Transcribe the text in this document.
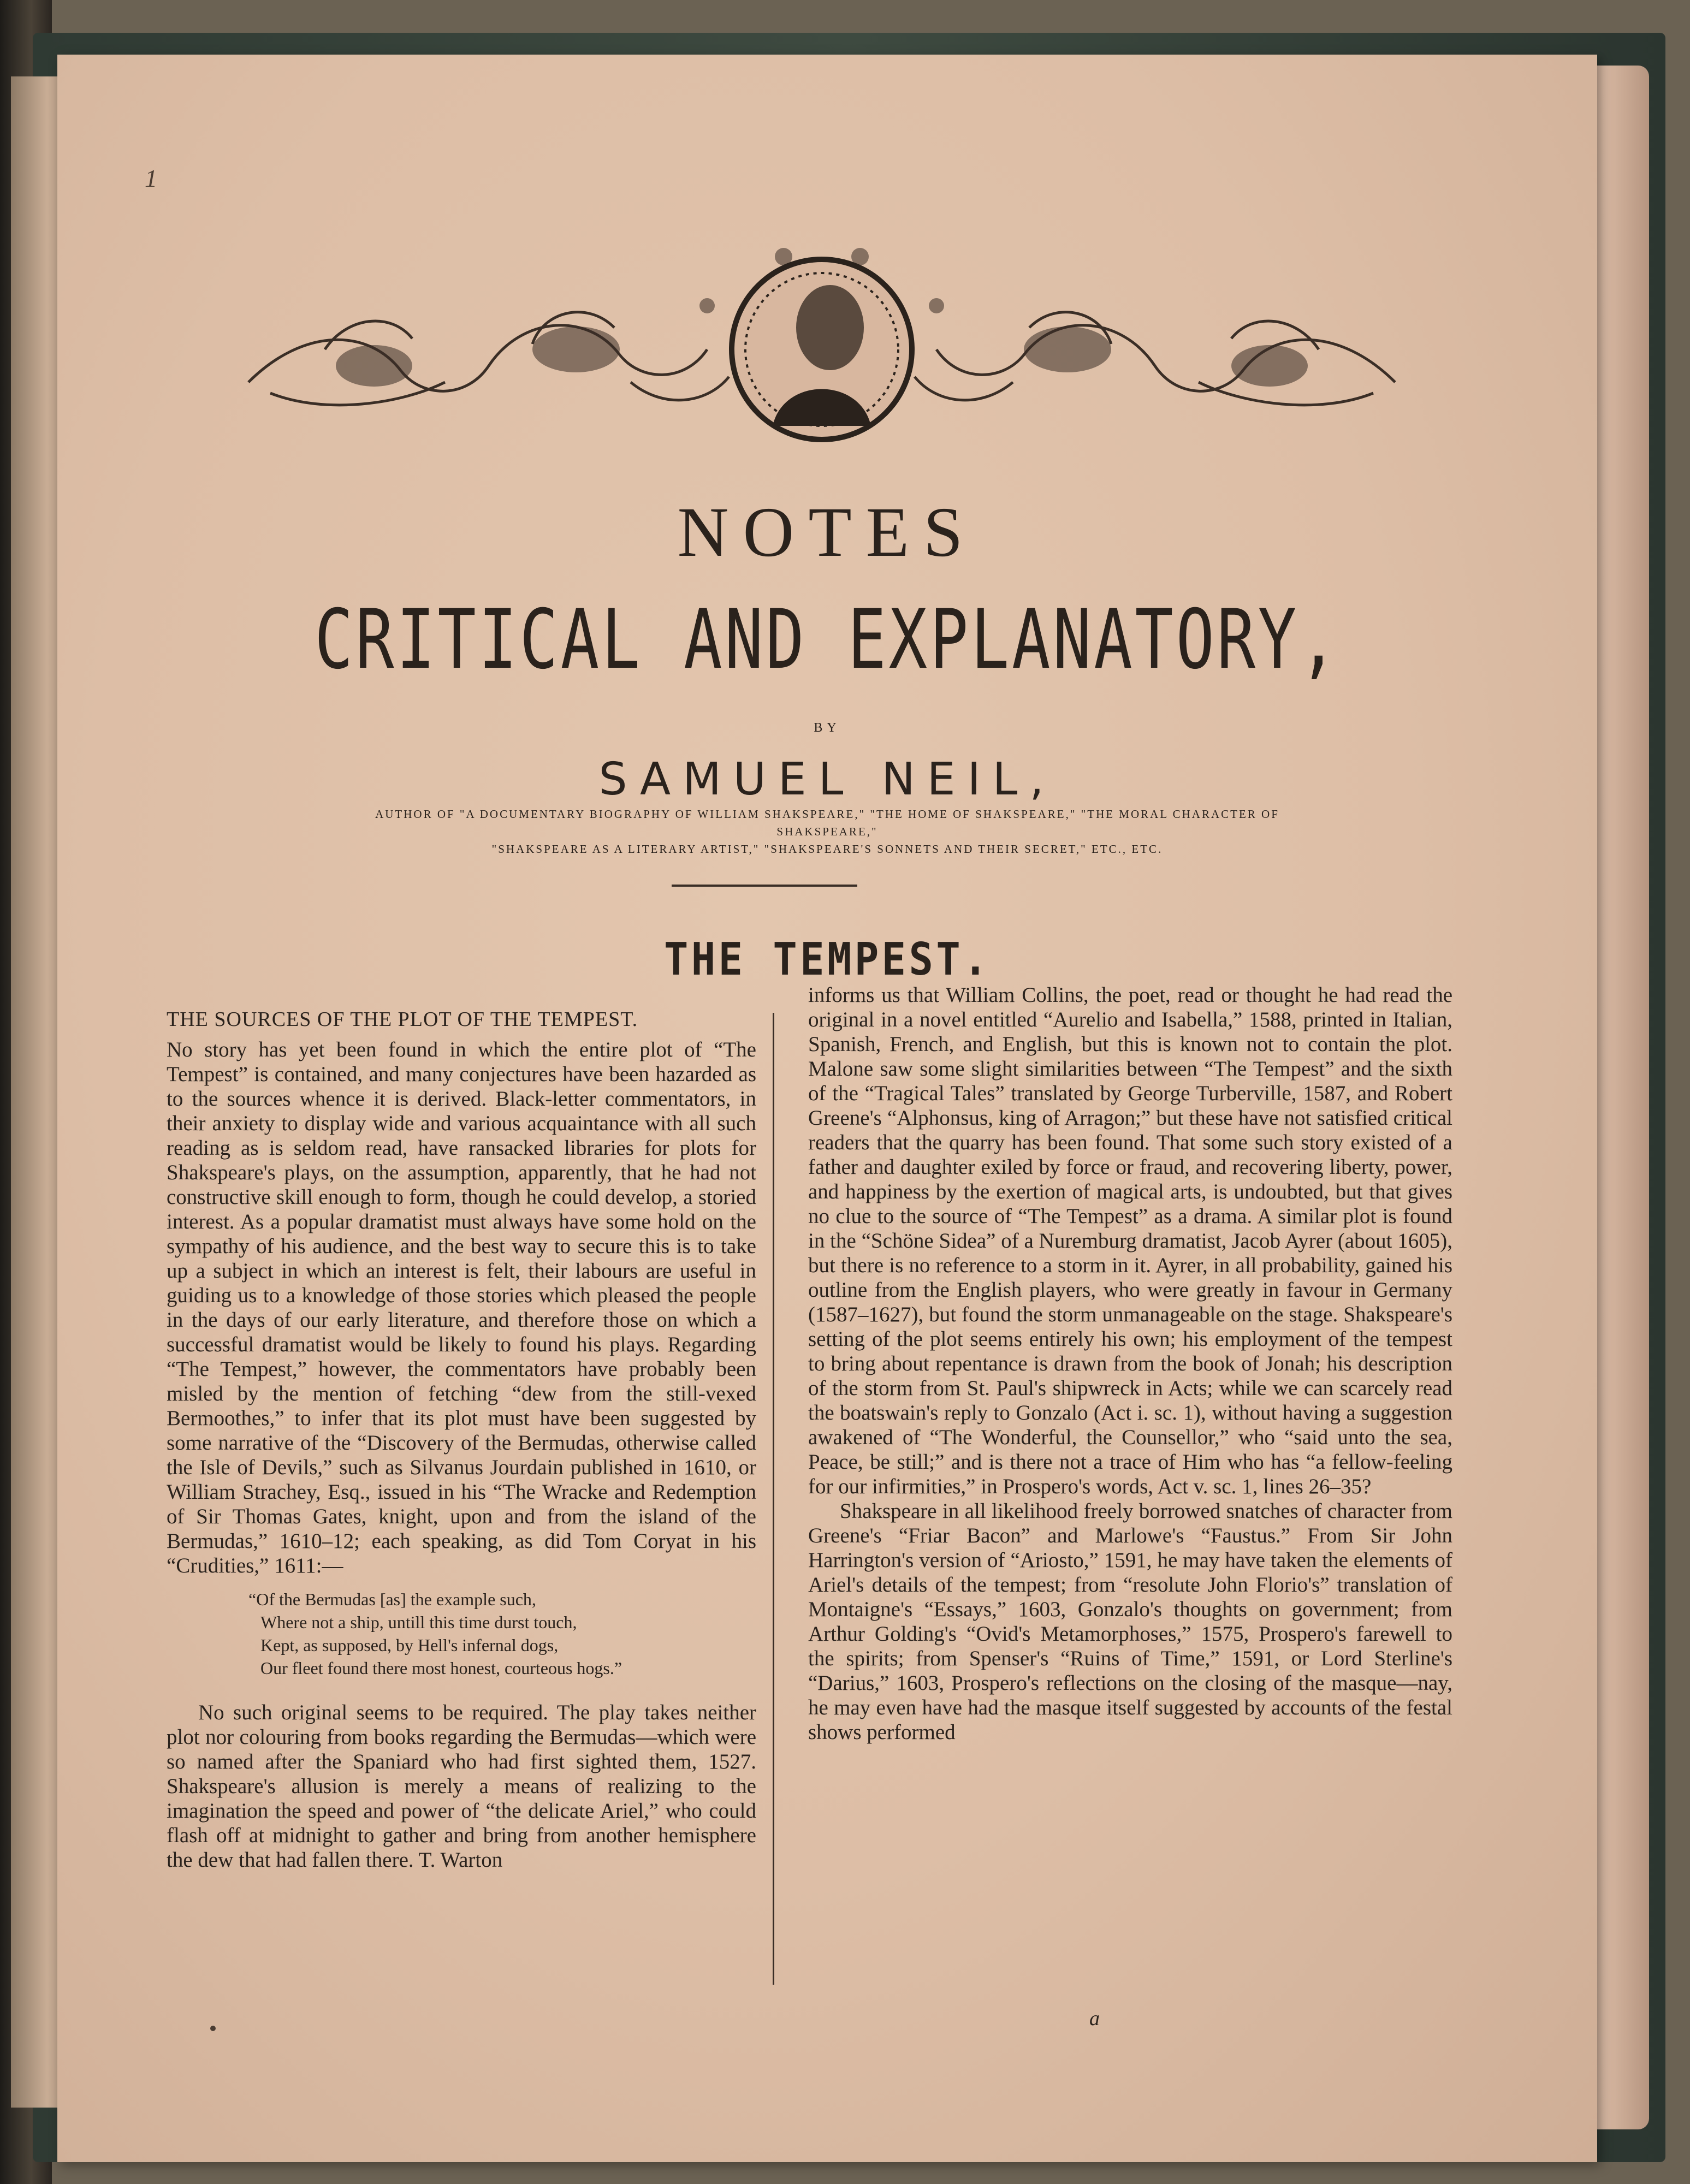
1
NOTES
CRITICAL AND EXPLANATORY,
BY
SAMUEL NEIL,
AUTHOR OF "A DOCUMENTARY BIOGRAPHY OF WILLIAM SHAKSPEARE," "THE HOME OF SHAKSPEARE," "THE MORAL CHARACTER OF SHAKSPEARE,"
"SHAKSPEARE AS A LITERARY ARTIST," "SHAKSPEARE'S SONNETS AND THEIR SECRET," ETC., ETC.
THE TEMPEST.
THE SOURCES OF THE PLOT OF THE TEMPEST.

No story has yet been found in which the entire plot of “The Tempest” is contained, and many conjectures have been hazarded as to the sources whence it is derived. Black-letter commentators, in their anxiety to display wide and various acquaintance with all such reading as is seldom read, have ransacked libraries for plots for Shakspeare's plays, on the assumption, apparently, that he had not constructive skill enough to form, though he could develop, a storied interest. As a popular dramatist must always have some hold on the sympathy of his audience, and the best way to secure this is to take up a subject in which an interest is felt, their labours are useful in guiding us to a knowledge of those stories which pleased the people in the days of our early literature, and therefore those on which a successful dramatist would be likely to found his plays. Regarding “The Tempest,” however, the commentators have probably been misled by the mention of fetching “dew from the still-vexed Bermoothes,” to infer that its plot must have been suggested by some narrative of the “Discovery of the Bermudas, otherwise called the Isle of Devils,” such as Silvanus Jourdain published in 1610, or William Strachey, Esq., issued in his “The Wracke and Redemption of Sir Thomas Gates, knight, upon and from the island of the Bermudas,” 1610–12; each speaking, as did Tom Coryat in his “Crudities,” 1611:—

“Of the Bermudas [as] the example such,
Where not a ship, untill this time durst touch,
Kept, as supposed, by Hell's infernal dogs,
Our fleet found there most honest, courteous hogs.”

No such original seems to be required. The play takes neither plot nor colouring from books regarding the Bermudas—which were so named after the Spaniard who had first sighted them, 1527. Shakspeare's allusion is merely a means of realizing to the imagination the speed and power of “the delicate Ariel,” who could flash off at midnight to gather and bring from another hemisphere the dew that had fallen there. T. Warton

informs us that William Collins, the poet, read or thought he had read the original in a novel entitled “Aurelio and Isabella,” 1588, printed in Italian, Spanish, French, and English, but this is known not to contain the plot. Malone saw some slight similarities between “The Tempest” and the sixth of the “Tragical Tales” translated by George Turberville, 1587, and Robert Greene's “Alphonsus, king of Arragon;” but these have not satisfied critical readers that the quarry has been found. That some such story existed of a father and daughter exiled by force or fraud, and recovering liberty, power, and happiness by the exertion of magical arts, is undoubted, but that gives no clue to the source of “The Tempest” as a drama. A similar plot is found in the “Schöne Sidea” of a Nuremburg dramatist, Jacob Ayrer (about 1605), but there is no reference to a storm in it. Ayrer, in all probability, gained his outline from the English players, who were greatly in favour in Germany (1587–1627), but found the storm unmanageable on the stage. Shakspeare's setting of the plot seems entirely his own; his employment of the tempest to bring about repentance is drawn from the book of Jonah; his description of the storm from St. Paul's shipwreck in Acts; while we can scarcely read the boatswain's reply to Gonzalo (Act i. sc. 1), without having a suggestion awakened of “The Wonderful, the Counsellor,” who “said unto the sea, Peace, be still;” and is there not a trace of Him who has “a fellow-feeling for our infirmities,” in Prospero's words, Act v. sc. 1, lines 26–35?

Shakspeare in all likelihood freely borrowed snatches of character from Greene's “Friar Bacon” and Marlowe's “Faustus.” From Sir John Harrington's version of “Ariosto,” 1591, he may have taken the elements of Ariel's details of the tempest; from “resolute John Florio's” translation of Montaigne's “Essays,” 1603, Gonzalo's thoughts on government; from Arthur Golding's “Ovid's Metamorphoses,” 1575, Prospero's farewell to the spirits; from Spenser's “Ruins of Time,” 1591, or Lord Sterline's “Darius,” 1603, Prospero's reflections on the closing of the masque—nay, he may even have had the masque itself suggested by accounts of the festal shows performed

a
